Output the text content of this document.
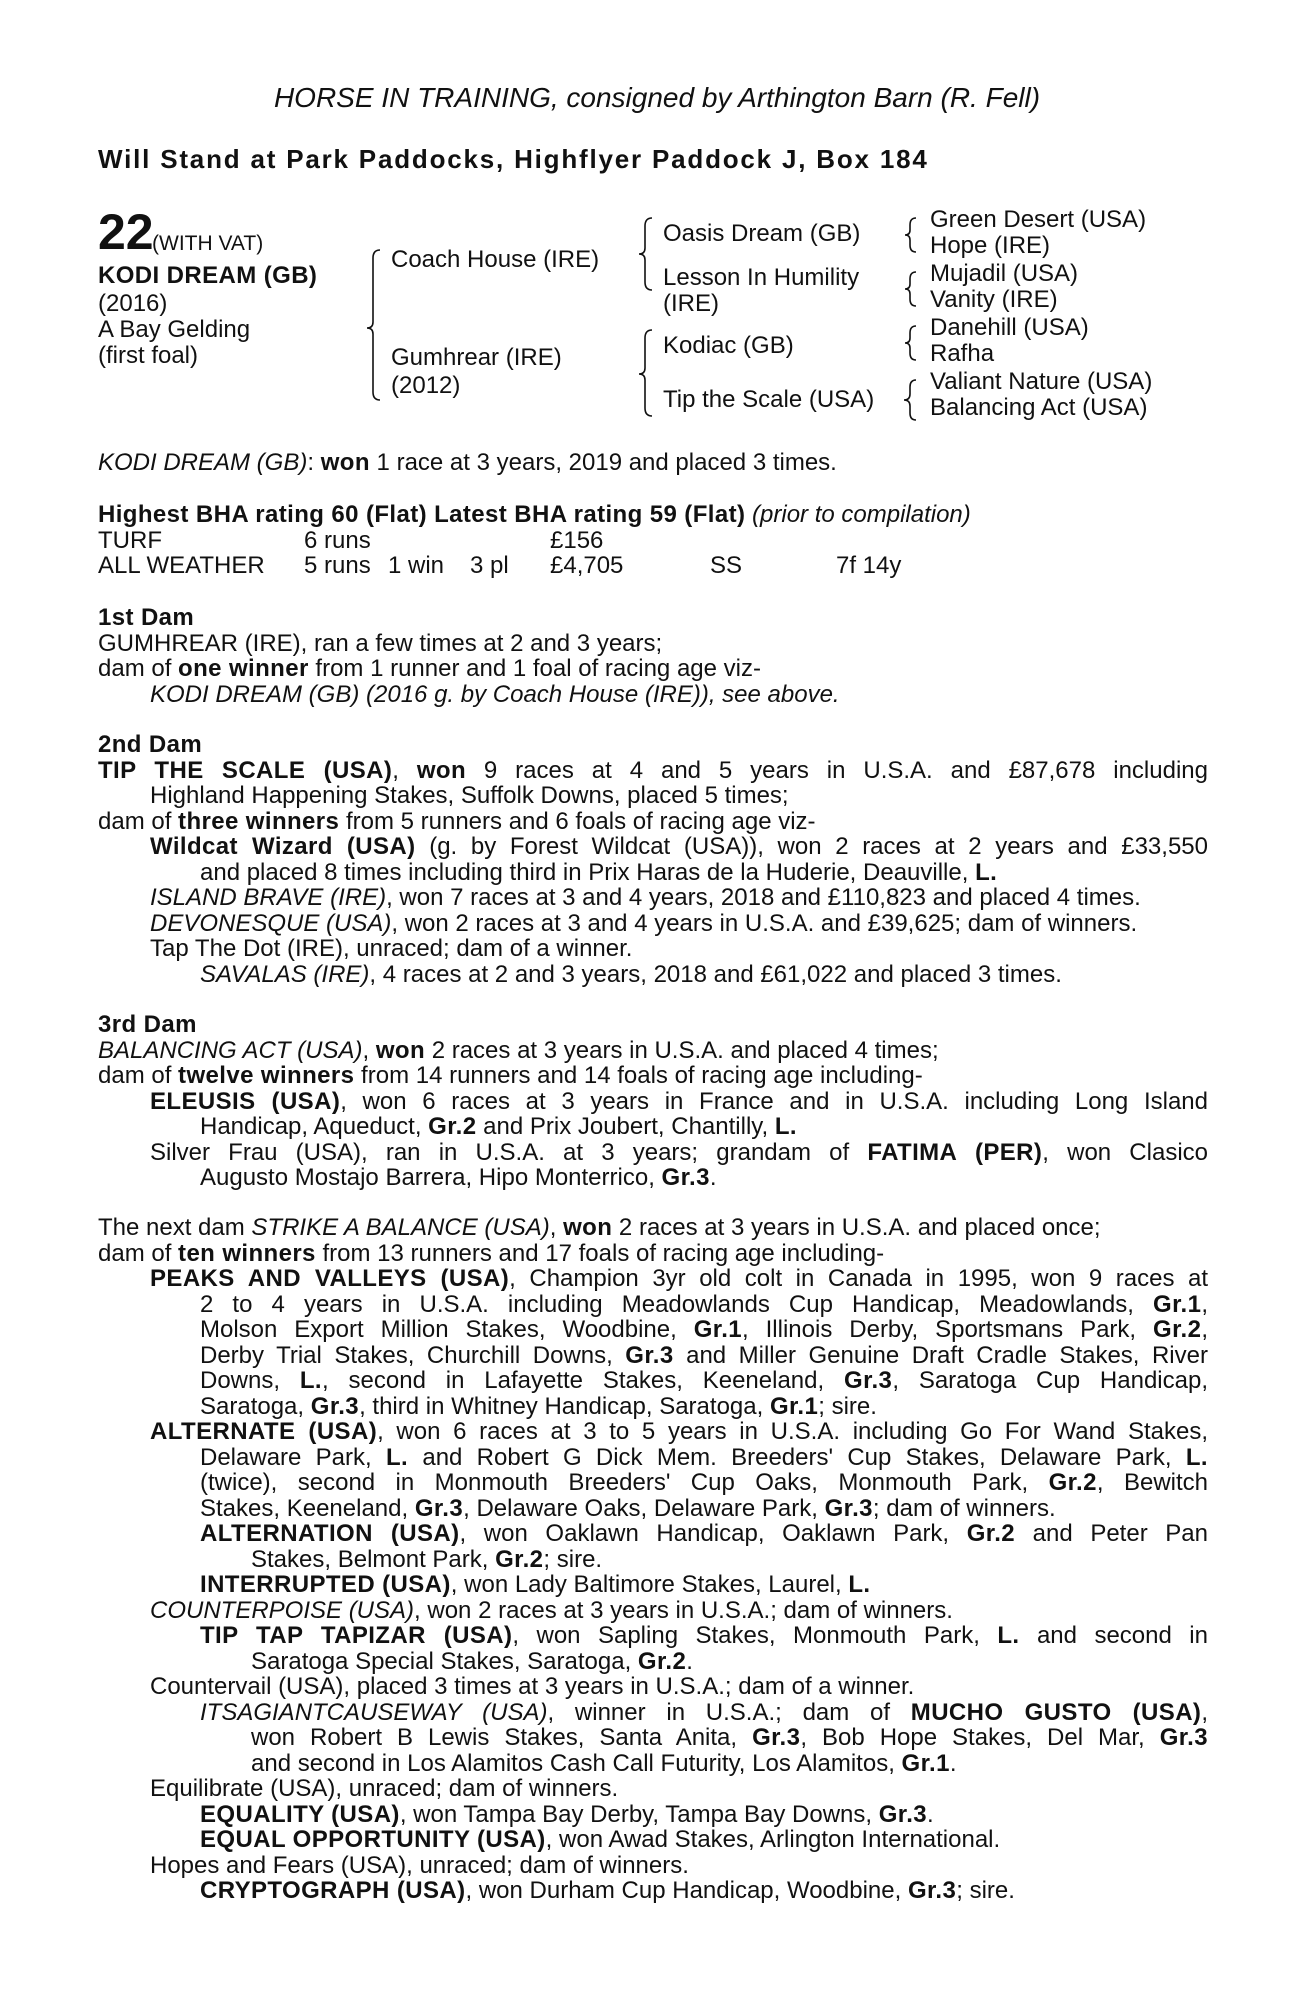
HORSE IN TRAINING, consigned by Arthington Barn (R. Fell)
Will Stand at Park Paddocks, Highflyer Paddock J, Box 184
22
(WITH VAT)
KODI DREAM (GB)
(2016)
A Bay Gelding
(first foal)
Coach House (IRE)
Gumhrear (IRE)
(2012)
Oasis Dream (GB)
Lesson In Humility
(IRE)
Kodiac (GB)
Tip the Scale (USA)
Green Desert (USA)
Hope (IRE)
Mujadil (USA)
Vanity (IRE)
Danehill (USA)
Rafha
Valiant Nature (USA)
Balancing Act (USA)
KODI DREAM (GB): won 1 race at 3 years, 2019 and placed 3 times.
Highest BHA rating 60 (Flat) Latest BHA rating 59 (Flat) (prior to compilation)
TURF	6 runs	£156
ALL WEATHER 5 runs 1 win 3 pl £4,705	SS	7f 14y
1st Dam
GUMHREAR (IRE), ran a few times at 2 and 3 years;
dam of one winner from 1 runner and 1 foal of racing age viz-
KODI DREAM (GB) (2016 g. by Coach House (IRE)), see above.
2nd Dam
TIP THE SCALE (USA), won 9 races at 4 and 5 years in U.S.A. and £87,678 including
Highland Happening Stakes, Suffolk Downs, placed 5 times;
dam of three winners from 5 runners and 6 foals of racing age viz-
Wildcat Wizard (USA) (g. by Forest Wildcat (USA)), won 2 races at 2 years and £33,550
and placed 8 times including third in Prix Haras de la Huderie, Deauville, L.
ISLAND BRAVE (IRE), won 7 races at 3 and 4 years, 2018 and £110,823 and placed 4 times.
DEVONESQUE (USA), won 2 races at 3 and 4 years in U.S.A. and £39,625; dam of winners.
Tap The Dot (IRE), unraced; dam of a winner.
SAVALAS (IRE), 4 races at 2 and 3 years, 2018 and £61,022 and placed 3 times.
3rd Dam
BALANCING ACT (USA), won 2 races at 3 years in U.S.A. and placed 4 times;
dam of twelve winners from 14 runners and 14 foals of racing age including-
ELEUSIS (USA), won 6 races at 3 years in France and in U.S.A. including Long Island
Handicap, Aqueduct, Gr.2 and Prix Joubert, Chantilly, L.
Silver Frau (USA), ran in U.S.A. at 3 years; grandam of FATIMA (PER), won Clasico
Augusto Mostajo Barrera, Hipo Monterrico, Gr.3.
The next dam STRIKE A BALANCE (USA), won 2 races at 3 years in U.S.A. and placed once;
dam of ten winners from 13 runners and 17 foals of racing age including-
PEAKS AND VALLEYS (USA), Champion 3yr old colt in Canada in 1995, won 9 races at
2 to 4 years in U.S.A. including Meadowlands Cup Handicap, Meadowlands, Gr.1,
Molson Export Million Stakes, Woodbine, Gr.1, Illinois Derby, Sportsmans Park, Gr.2,
Derby Trial Stakes, Churchill Downs, Gr.3 and Miller Genuine Draft Cradle Stakes, River
Downs, L., second in Lafayette Stakes, Keeneland, Gr.3, Saratoga Cup Handicap,
Saratoga, Gr.3, third in Whitney Handicap, Saratoga, Gr.1; sire.
ALTERNATE (USA), won 6 races at 3 to 5 years in U.S.A. including Go For Wand Stakes,
Delaware Park, L. and Robert G Dick Mem. Breeders' Cup Stakes, Delaware Park, L.
(twice), second in Monmouth Breeders' Cup Oaks, Monmouth Park, Gr.2, Bewitch
Stakes, Keeneland, Gr.3, Delaware Oaks, Delaware Park, Gr.3; dam of winners.
ALTERNATION (USA), won Oaklawn Handicap, Oaklawn Park, Gr.2 and Peter Pan
Stakes, Belmont Park, Gr.2; sire.
INTERRUPTED (USA), won Lady Baltimore Stakes, Laurel, L.
COUNTERPOISE (USA), won 2 races at 3 years in U.S.A.; dam of winners.
TIP TAP TAPIZAR (USA), won Sapling Stakes, Monmouth Park, L. and second in
Saratoga Special Stakes, Saratoga, Gr.2.
Countervail (USA), placed 3 times at 3 years in U.S.A.; dam of a winner.
ITSAGIANTCAUSEWAY (USA), winner in U.S.A.; dam of MUCHO GUSTO (USA),
won Robert B Lewis Stakes, Santa Anita, Gr.3, Bob Hope Stakes, Del Mar, Gr.3
and second in Los Alamitos Cash Call Futurity, Los Alamitos, Gr.1.
Equilibrate (USA), unraced; dam of winners.
EQUALITY (USA), won Tampa Bay Derby, Tampa Bay Downs, Gr.3.
EQUAL OPPORTUNITY (USA), won Awad Stakes, Arlington International.
Hopes and Fears (USA), unraced; dam of winners.
CRYPTOGRAPH (USA), won Durham Cup Handicap, Woodbine, Gr.3; sire.
